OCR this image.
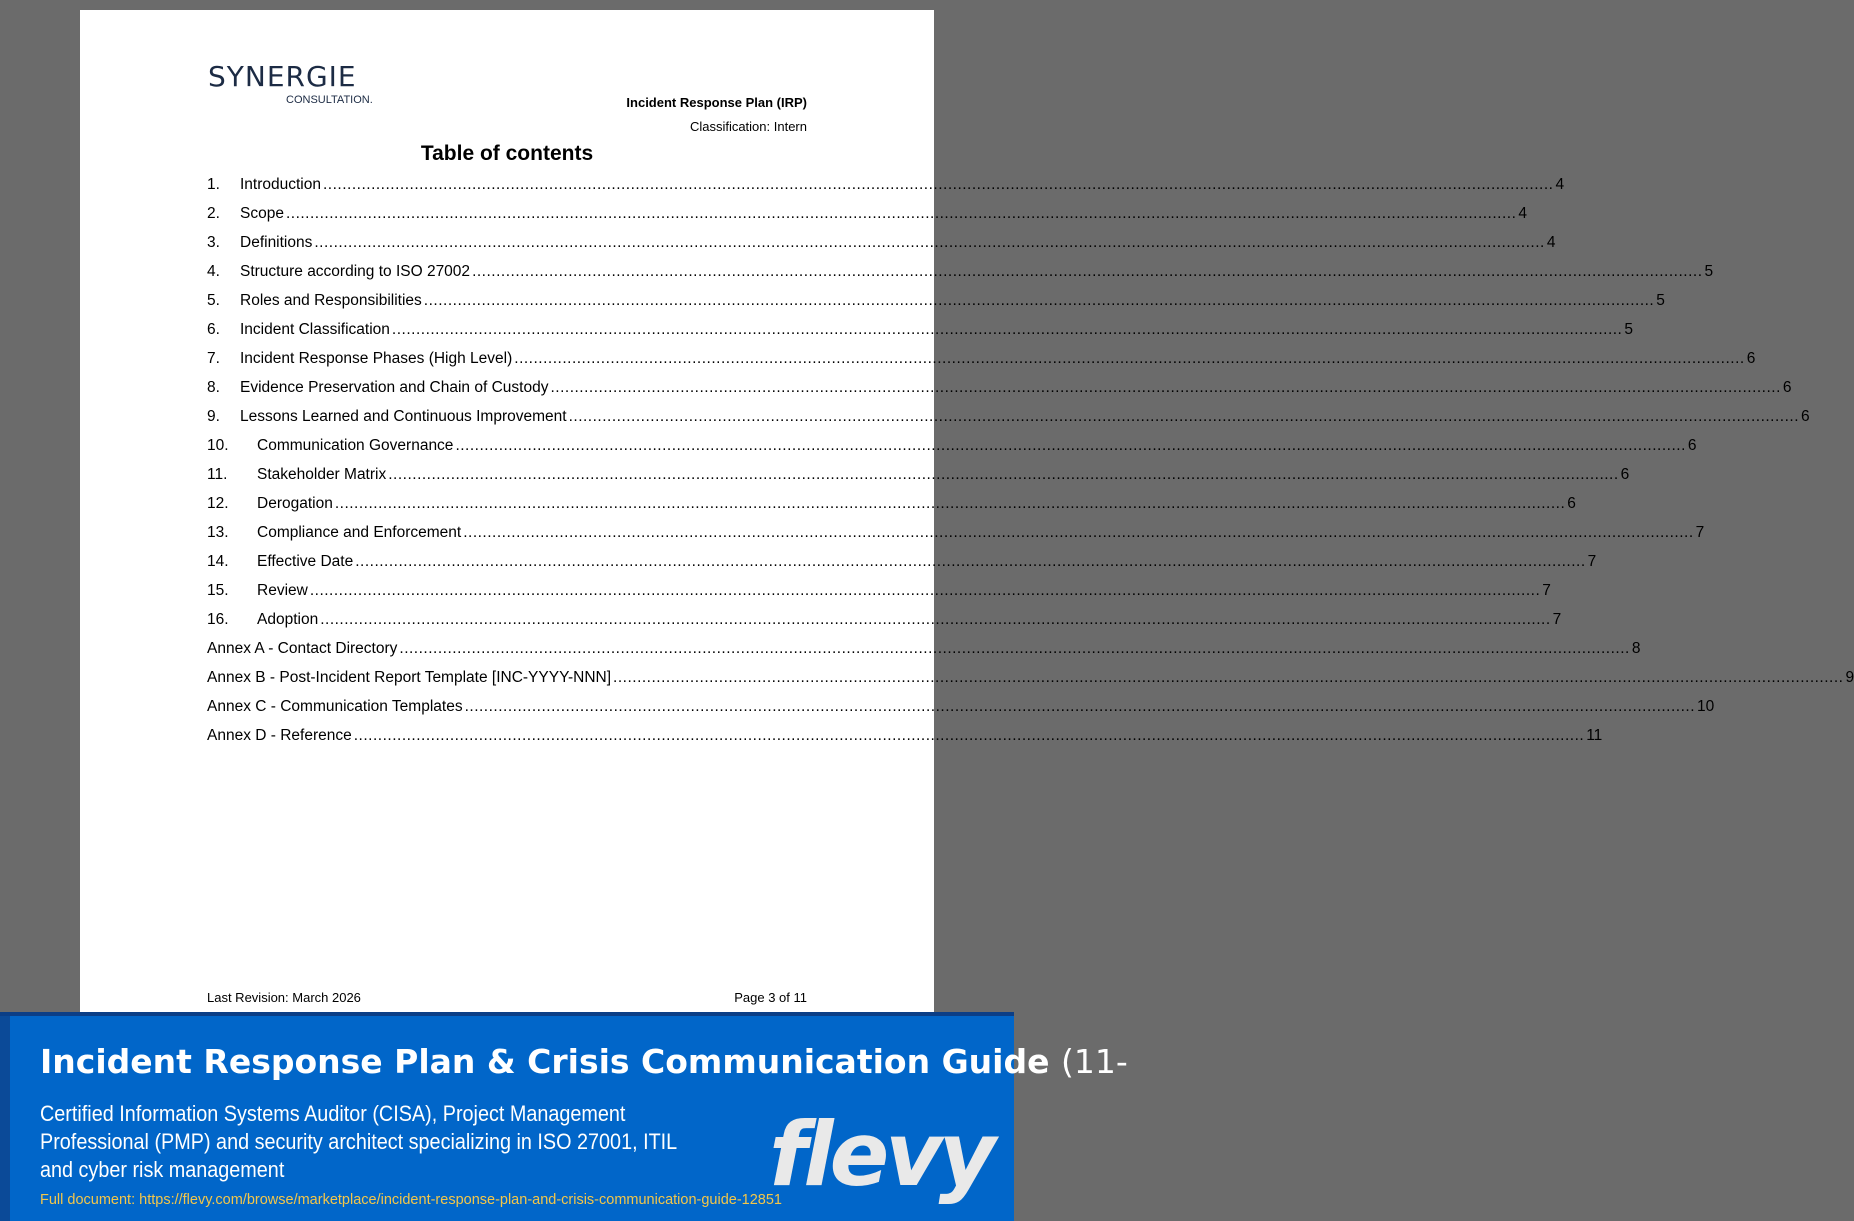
SYNERGIE
CONSULTATION.	Incident Response Plan (IRP)
Classification: Intern
Table of contents
1.	Introduction .....	4
2.	Scope .....	4
3.	Definitions .....	4
4.	Structure according to ISO 27002 .....	5
5.	Roles and Responsibilities .....	5
6.	Incident Classification .....	5
7.	Incident Response Phases (High Level) .....	6
8.	Evidence Preservation and Chain of Custody .....	6
9.	Lessons Learned and Continuous Improvement .....	6
10.	Communication Governance .....	6
11.	Stakeholder Matrix .....	6
12.	Derogation .....	6
13.	Compliance and Enforcement .....	7
14.	Effective Date .....	7
15.	Review .....	7
16.	Adoption .....	7
Annex A - Contact Directory .....	8
Annex B - Post-Incident Report Template [INC-YYYY-NNN] .....	9
Annex C - Communication Templates .....	10
Annex D - Reference .....	11
Last Revision: March 2026	Page 3 of 11
Incident Response Plan & Crisis Communication Guide (11-
Certified Information Systems Auditor (CISA), Project Management Professional (PMP) and security architect specializing in ISO 27001, ITIL and cyber risk management
Full document: https://flevy.com/browse/marketplace/incident-response-plan-and-crisis-communication-guide-12851
flevy
